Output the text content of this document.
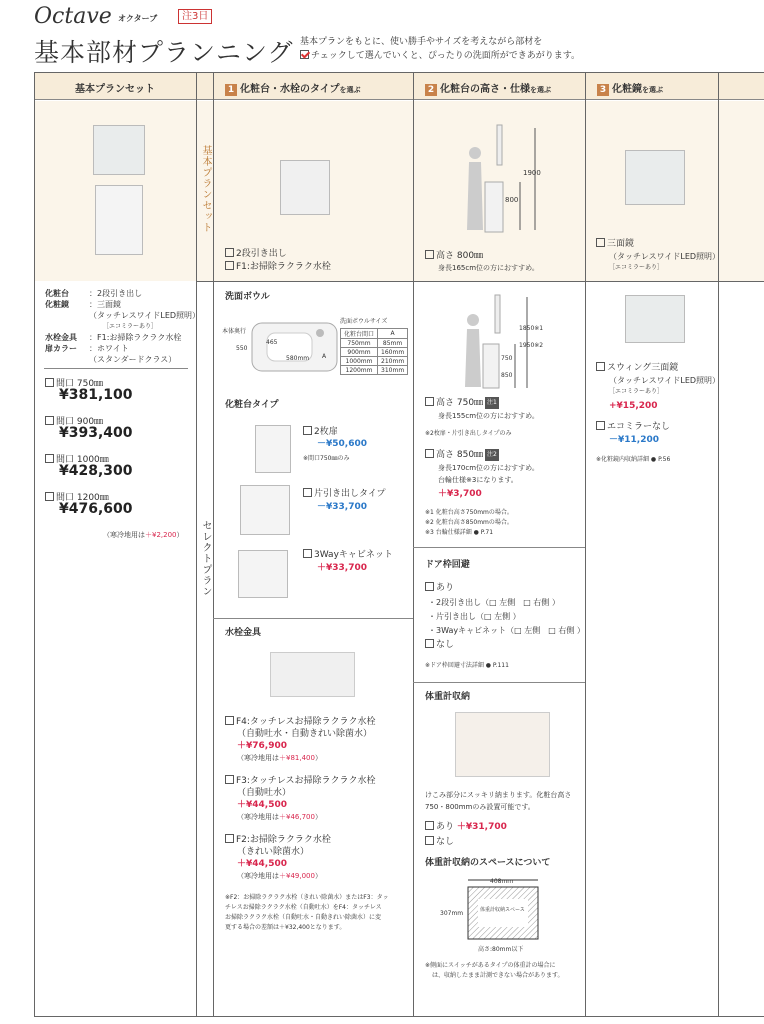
Octave オクターブ	注3日
基本部材プランニング 基本プランをもとに、使い勝手やサイズを考えながら部材を
チェックして選んでいくと、ぴったりの洗面所ができあがります。
基本プランセット	1 化粧台・水栓のタイプを選ぶ	2 化粧台の高さ・仕様を選ぶ	3 化粧鏡を選ぶ
基本プランセット
セレクトプラン
化粧台	：2段引き出し
化粧鏡	：三面鏡
（タッチレスワイドLED照明）
［エコミラーあり］
水栓金具 ：F1:お掃除ラクラク水栓
扉カラー ：ホワイト
（スタンダードクラス）
間口 750㎜
¥381,100
間口 900㎜
¥393,400
間口 1000㎜
¥428,300
間口 1200㎜
¥476,600
（寒冷地用は＋¥2,200）
2段引き出し
F1:お掃除ラクラク水栓
1900
800
高さ 800㎜
身長165cm位の方におすすめ。
三面鏡
（タッチレスワイドLED照明）
［エコミラーあり］
洗面ボウル
本体奥行
550
465
580mm A
洗面ボウルサイズ
化粧台間口	A
750mm	85mm
900mm	160mm
1000mm	210mm
1200mm	310mm
化粧台タイプ
2枚扉
－¥50,600
※間口750㎜のみ
片引き出しタイプ
－¥33,700
3Wayキャビネット
＋¥33,700
水栓金具
F4:タッチレスお掃除ラクラク水栓
（自動吐水・自動きれい除菌水）
＋¥76,900
（寒冷地用は＋¥81,400）
F3:タッチレスお掃除ラクラク水栓
（自動吐水）
＋¥44,500
（寒冷地用は＋¥46,700）
F2:お掃除ラクラク水栓
（きれい除菌水）
＋¥44,500
（寒冷地用は＋¥49,000）
※F2：お掃除ラクラク水栓（きれい除菌水）またはF3：タッ
チレスお掃除ラクラク水栓（自動吐水）をF4：タッチレス
お掃除ラクラク水栓（自動吐水・自動きれい除菌水）に変
更する場合の差額は＋¥32,400となります。
1850※1
1950※2
750
850
高さ 750㎜ 注1
身長155cm位の方におすすめ。
※2枚扉・片引き出しタイプのみ
高さ 850㎜ 注2
身長170cm位の方におすすめ。
台輪仕様※3になります。
＋¥3,700
※1 化粧台高さ750mmの場合。
※2 化粧台高さ850mmの場合。
※3 台輪仕様詳細 ● P.71
ドア枠回避
あり
・2段引き出し（□ 左側　□ 右側 ）
・片引き出し（□ 左側 ）
・3Wayキャビネット（□ 左側　□ 右側 ）
なし
※ドア枠回避寸法詳細 ● P.111
体重計収納
けこみ部分にスッキリ納まります。化粧台高さ
750・800mmのみ設置可能です。
あり ＋¥31,700
なし
体重計収納のスペースについて
408mm
307mm	体重計収納スペース
高さ:80mm以下
※側面にスイッチがあるタイプの体重計の場合に
は、収納したまま計測できない場合があります。
スウィング三面鏡
（タッチレスワイドLED照明）
［エコミラーあり］
+¥15,200
エコミラーなし
－¥11,200
※化粧鏡内収納詳細 ● P.56
